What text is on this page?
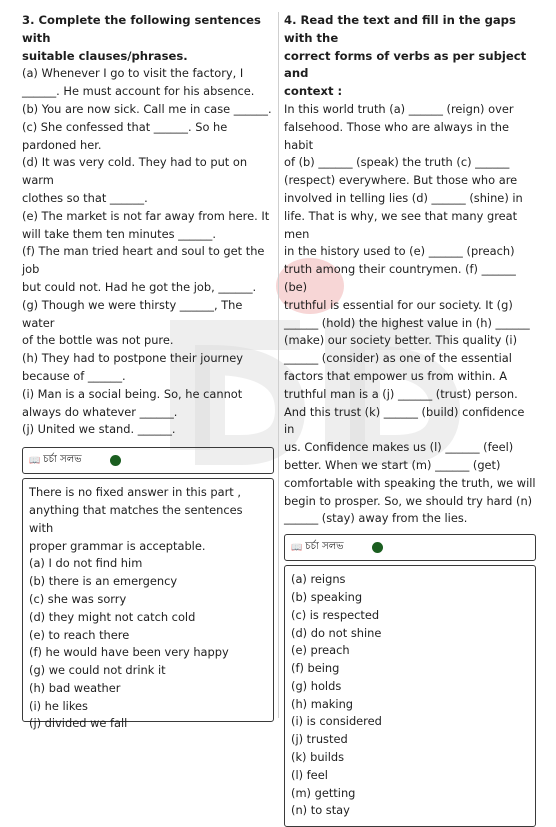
3. Complete the following sentences with

suitable clauses/phrases.

(a) Whenever I go to visit the factory, I

______. He must account for his absence.

(b) You are now sick. Call me in case ______.

(c) She confessed that ______. So he

pardoned her.

(d) It was very cold. They had to put on warm

clothes so that ______.

(e) The market is not far away from here. It

will take them ten minutes ______.

(f) The man tried heart and soul to get the job

but could not. Had he got the job, ______.

(g) Though we were thirsty ______, The water

of the bottle was not pure.

(h) They had to postpone their journey

because of ______.

(i) Man is a social being. So, he cannot

always do whatever ______.

(j) United we stand. ______.

📖 চর্চা সলভ

There is no fixed answer in this part ,

anything that matches the sentences with

proper grammar is acceptable.

(a) I do not find him

(b) there is an emergency

(c) she was sorry

(d) they might not catch cold

(e) to reach there

(f) he would have been very happy

(g) we could not drink it

(h) bad weather

(i) he likes

(j) divided we fall

4. Read the text and fill in the gaps with the

correct forms of verbs as per subject and

context :

In this world truth (a) ______ (reign) over

falsehood. Those who are always in the habit

of (b) ______ (speak) the truth (c) ______

(respect) everywhere. But those who are

involved in telling lies (d) ______ (shine) in

life. That is why, we see that many great men

in the history used to (e) ______ (preach)

truth among their countrymen. (f) ______ (be)

truthful is essential for our society. It (g)

______ (hold) the highest value in (h) ______

(make) our society better. This quality (i)

______ (consider) as one of the essential

factors that empower us from within. A

truthful man is a (j) ______ (trust) person.

And this trust (k) ______ (build) confidence in

us. Confidence makes us (l) ______ (feel)

better. When we start (m) ______ (get)

comfortable with speaking the truth, we will

begin to prosper. So, we should try hard (n)

______ (stay) away from the lies.

📖 চর্চা সলভ

(a) reigns

(b) speaking

(c) is respected

(d) do not shine

(e) preach

(f) being

(g) holds

(h) making

(i) is considered

(j) trusted

(k) builds

(l) feel

(m) getting

(n) to stay
